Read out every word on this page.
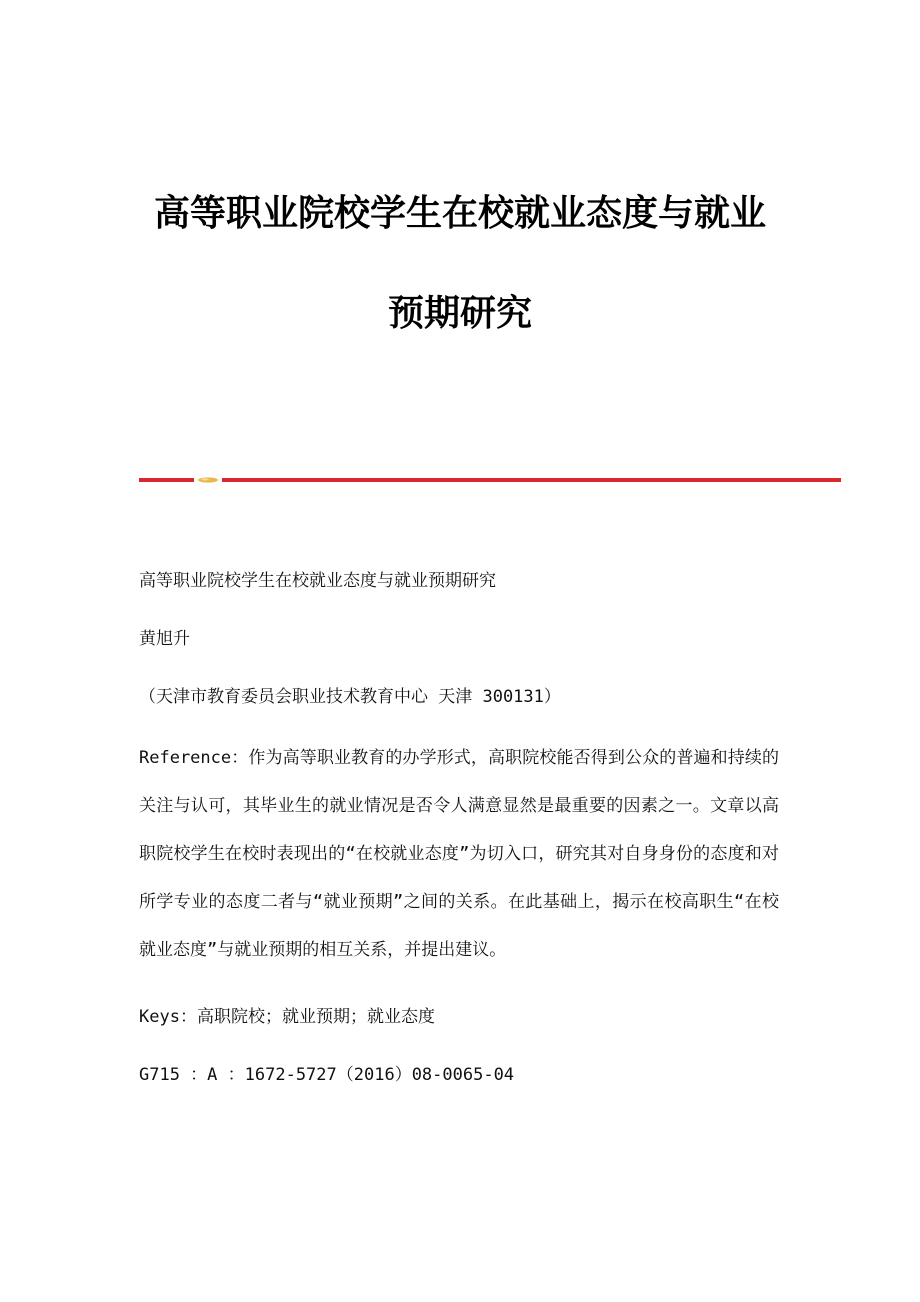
高等职业院校学生在校就业态度与就业

预期研究

高等职业院校学生在校就业态度与就业预期研究

黄旭升

（天津市教育委员会职业技术教育中心 天津 300131）

Reference：作为高等职业教育的办学形式，高职院校能否得到公众的普遍和持续的关注与认可，其毕业生的就业情况是否令人满意显然是最重要的因素之一。文章以高职院校学生在校时表现出的“在校就业态度”为切入口，研究其对自身身份的态度和对所学专业的态度二者与“就业预期”之间的关系。在此基础上，揭示在校高职生“在校就业态度”与就业预期的相互关系，并提出建议。

Keys：高职院校；就业预期；就业态度

G715 ：A ：1672-5727（2016）08-0065-04
